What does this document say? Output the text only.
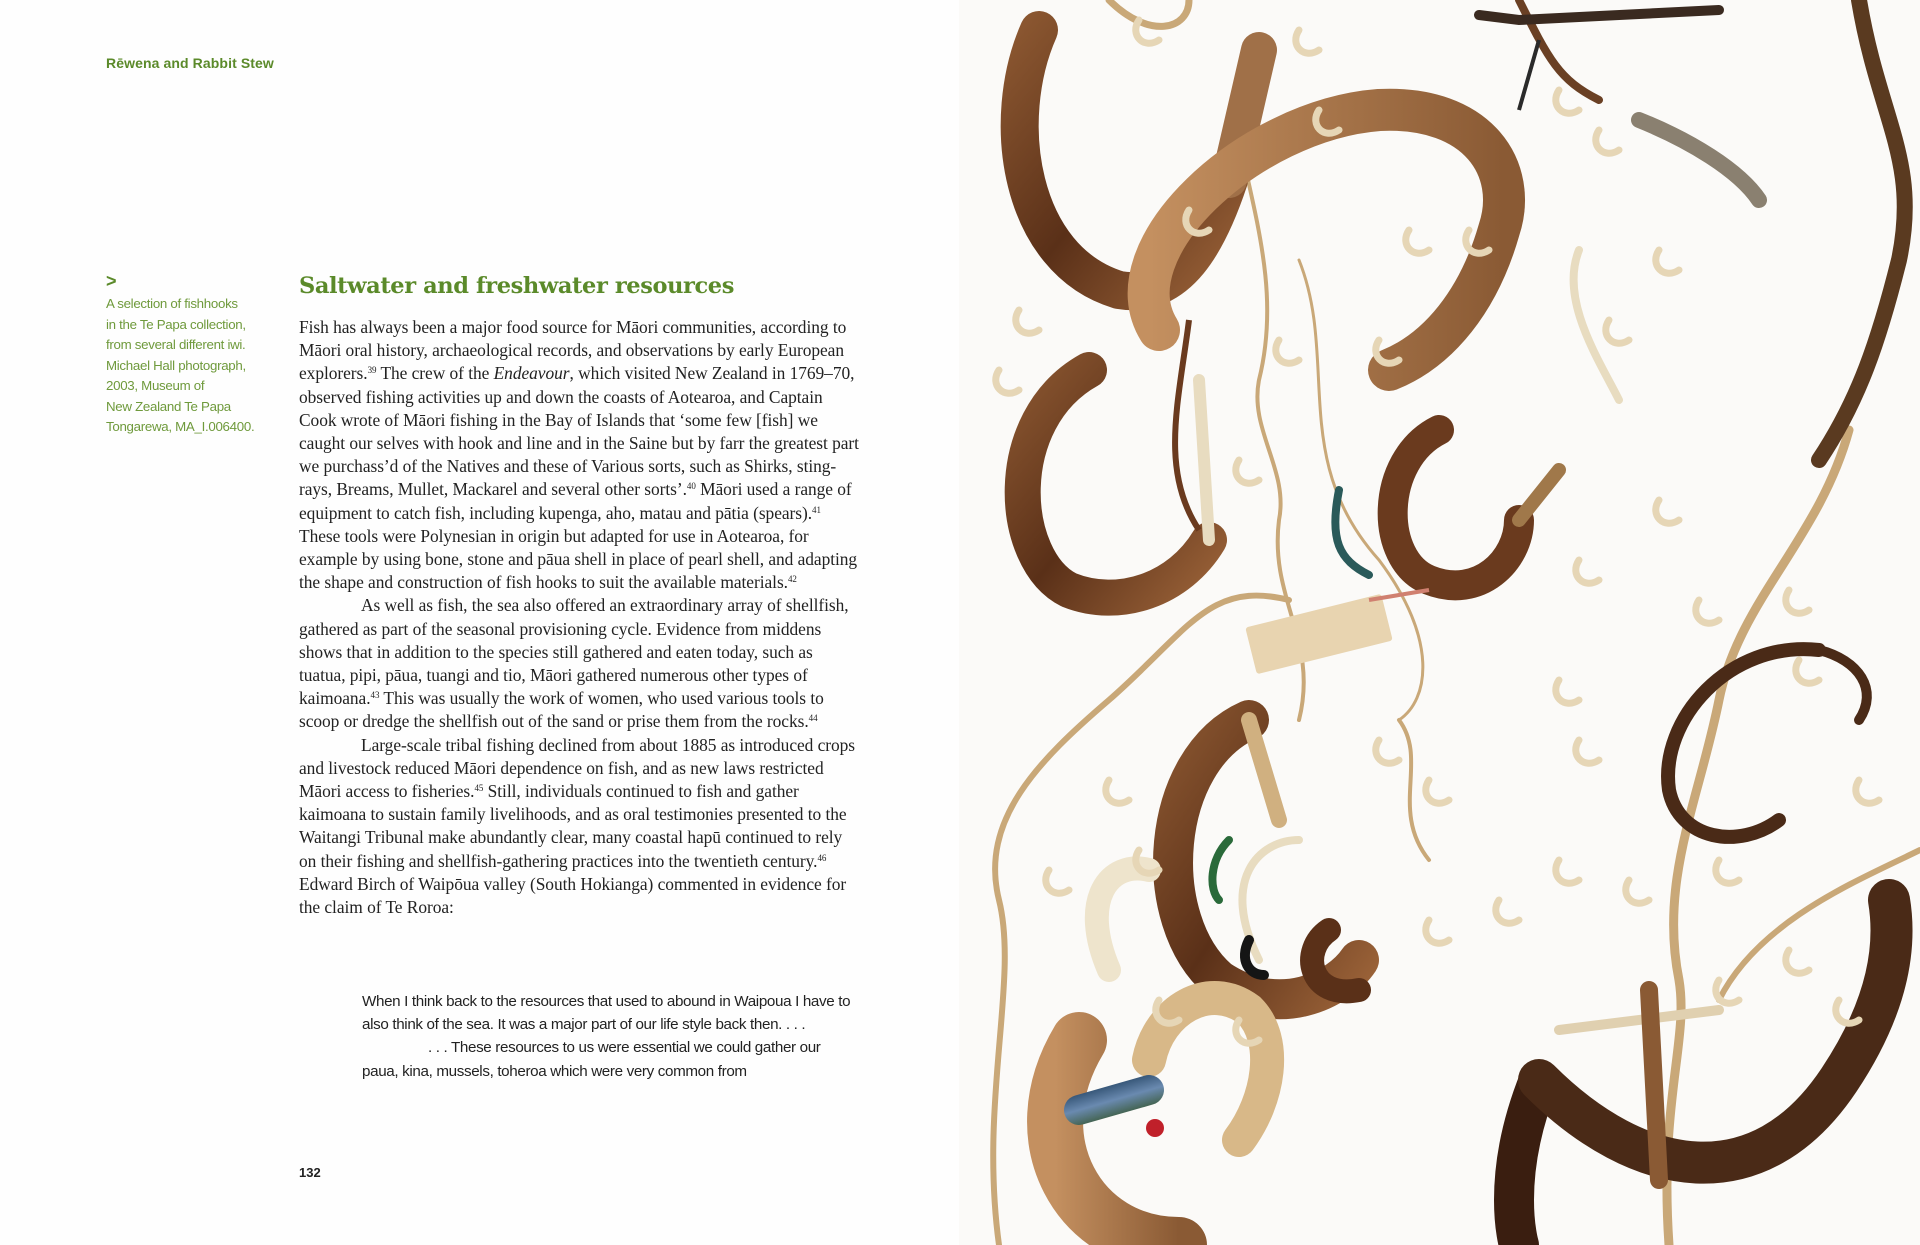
Rēwena and Rabbit Stew
>

A selection of fishhooks

in the Te Papa collection,

from several different iwi.

Michael Hall photograph,

2003, Museum of

New Zealand Te Papa

Tongarewa, MA_I.006400.

Saltwater and freshwater resources

Fish has always been a major food source for Māori communities, according to Māori oral history, archaeological records, and observations by early European explorers.$^{39}$ The crew of the Endeavour, which visited New Zealand in 1769–70, observed fishing activities up and down the coasts of Aotearoa, and Captain Cook wrote of Māori fishing in the Bay of Islands that ‘some few [fish] we caught our selves with hook and line and in the Saine but by farr the greatest part we purchass’d of the Natives and these of Various sorts, such as Shirks, sting-rays, Breams, Mullet, Mackarel and several other sorts’.$^{40}$ Māori used a range of equipment to catch fish, including kupenga, aho, matau and pātia (spears).$^{41}$ These tools were Polynesian in origin but adapted for use in Aotearoa, for example by using bone, stone and pāua shell in place of pearl shell, and adapting the shape and construction of fish hooks to suit the available materials.$^{42}$

As well as fish, the sea also offered an extraordinary array of shellfish, gathered as part of the seasonal provisioning cycle. Evidence from middens shows that in addition to the species still gathered and eaten today, such as tuatua, pipi, pāua, tuangi and tio, Māori gathered numerous other types of kaimoana.$^{43}$ This was usually the work of women, who used various tools to scoop or dredge the shellfish out of the sand or prise them from the rocks.$^{44}$

Large-scale tribal fishing declined from about 1885 as introduced crops and livestock reduced Māori dependence on fish, and as new laws restricted Māori access to fisheries.$^{45}$ Still, individuals continued to fish and gather kaimoana to sustain family livelihoods, and as oral testimonies presented to the Waitangi Tribunal make abundantly clear, many coastal hapū continued to rely on their fishing and shellfish-gathering practices into the twentieth century.$^{46}$ Edward Birch of Waipōua valley (South Hokianga) commented in evidence for the claim of Te Roroa:

When I think back to the resources that used to abound in Waipoua I have to also think of the sea. It was a major part of our life style back then. . . .

. . . These resources to us were essential we could gather our paua, kina, mussels, toheroa which were very common from

132
